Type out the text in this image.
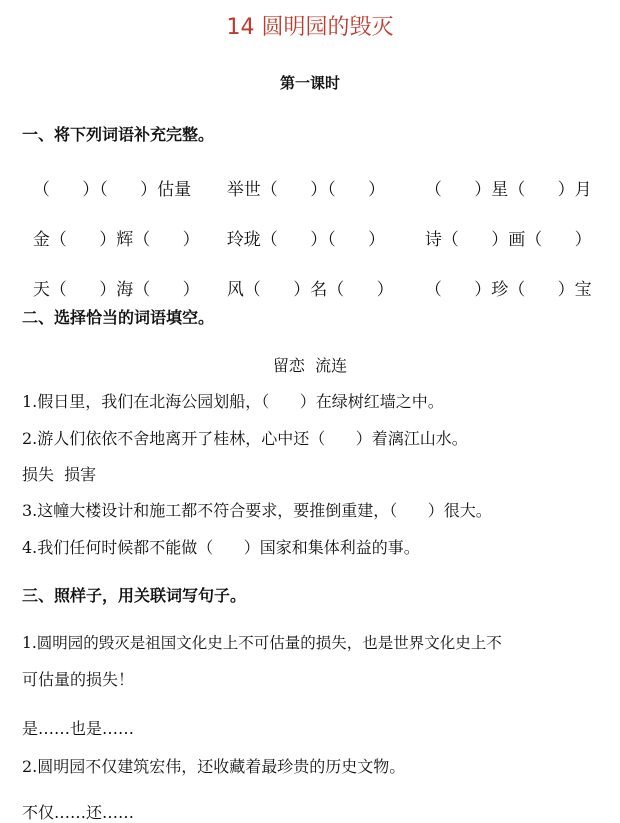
14 圆明园的毁灭
第一课时
一、将下列词语补充完整。

（      ）（      ）估量 举世（      ）（      ） （      ）星（      ）月

金（      ）辉（      ） 玲珑（      ）（      ） 诗（      ）画（      ）

天（      ）海（      ） 风（      ）名（      ） （      ）珍（      ）宝

二、选择恰当的词语填空。
留恋  流连
1.假日里，我们在北海公园划船，（      ）在绿树红墙之中。
2.游人们依依不舍地离开了桂林，心中还（      ）着漓江山水。
损失  损害
3.这幢大楼设计和施工都不符合要求，要推倒重建，（      ）很大。
4.我们任何时候都不能做（      ）国家和集体利益的事。
三、照样子，用关联词写句子。
1.圆明园的毁灭是祖国文化史上不可估量的损失，也是世界文化史上不
可估量的损失！
是……也是……
2.圆明园不仅建筑宏伟，还收藏着最珍贵的历史文物。
不仅……还……
